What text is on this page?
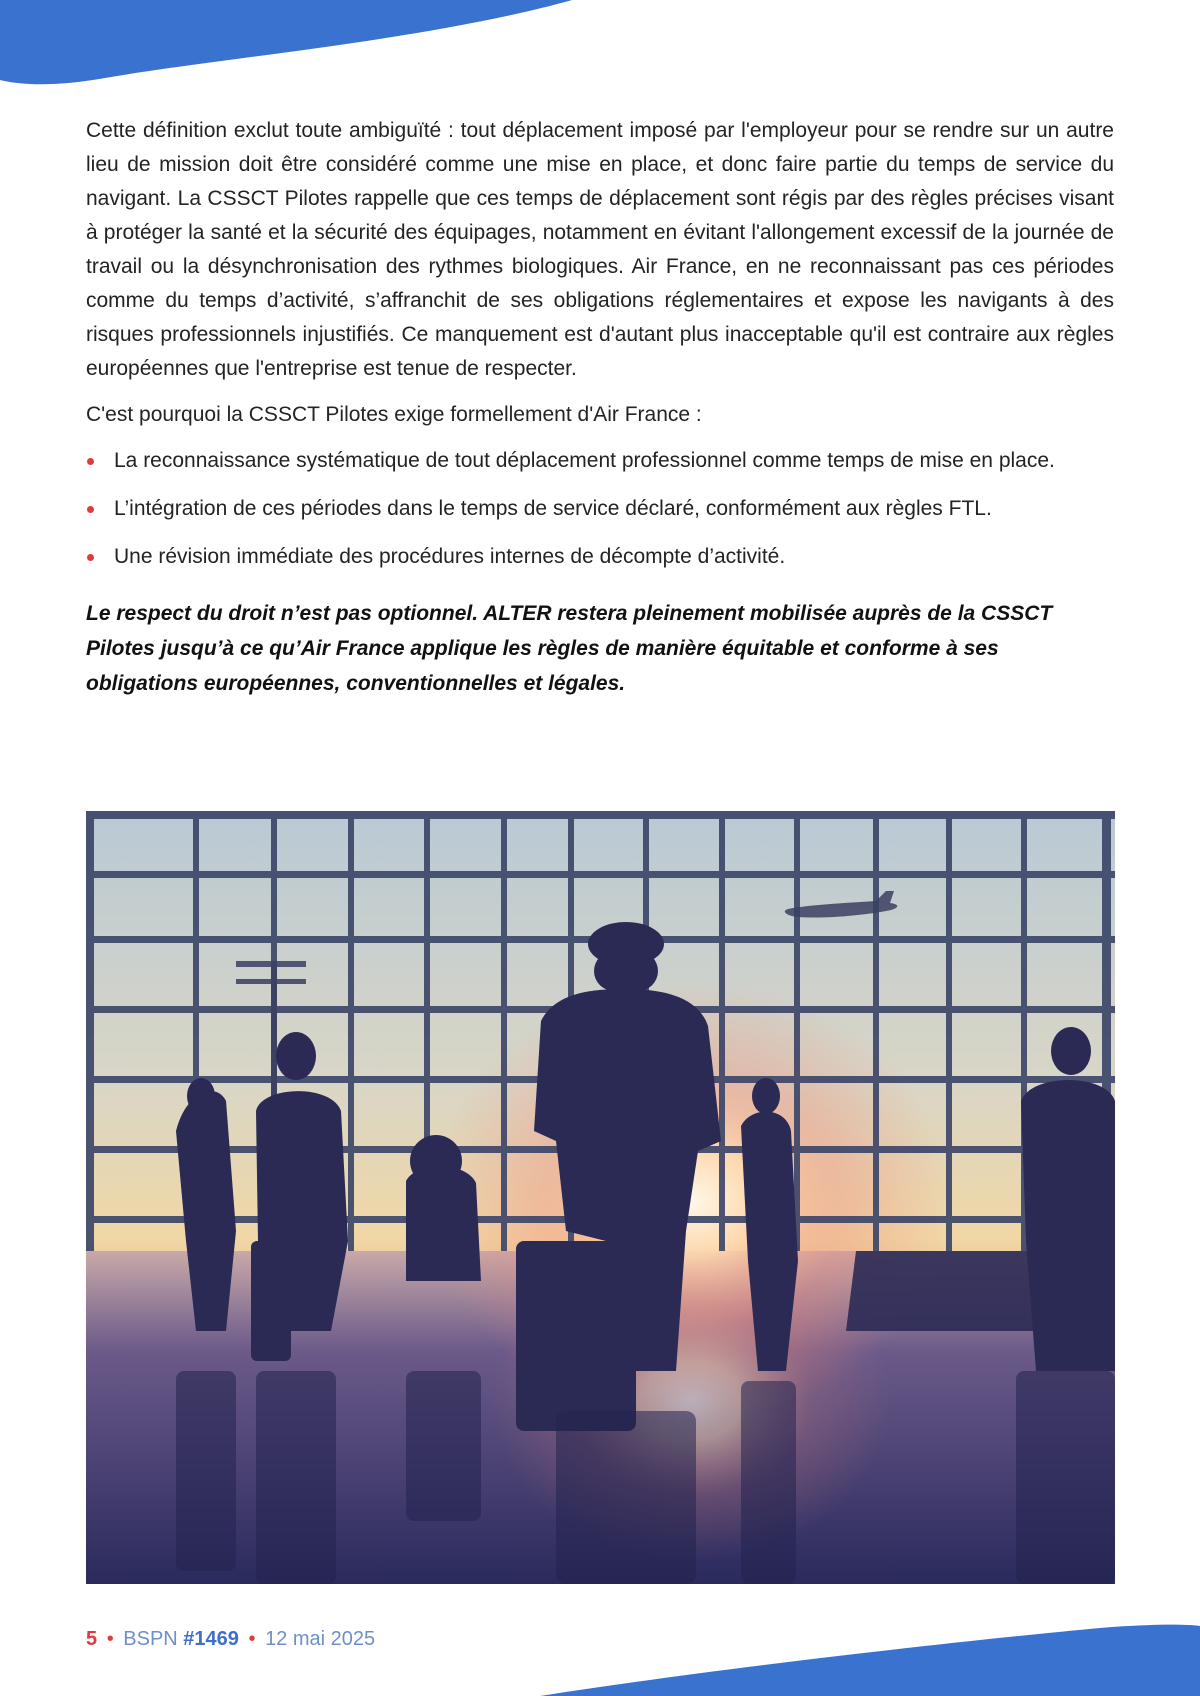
Cette définition exclut toute ambiguïté : tout déplacement imposé par l'employeur pour se rendre sur un autre lieu de mission doit être considéré comme une mise en place, et donc faire partie du temps de service du navigant. La CSSCT Pilotes rappelle que ces temps de déplacement sont régis par des règles précises visant à protéger la santé et la sécurité des équipages, notamment en évitant l'allongement excessif de la journée de travail ou la désynchronisation des rythmes biologiques. Air France, en ne reconnaissant pas ces périodes comme du temps d’activité, s’affranchit de ses obligations réglementaires et expose les navigants à des risques professionnels injustifiés. Ce manquement est d'autant plus inacceptable qu'il est contraire aux règles européennes que l'entreprise est tenue de respecter.

C'est pourquoi la CSSCT Pilotes exige formellement d'Air France :

La reconnaissance systématique de tout déplacement professionnel comme temps de mise en place.
L’intégration de ces périodes dans le temps de service déclaré, conformément aux règles FTL.
Une révision immédiate des procédures internes de décompte d’activité.

Le respect du droit n’est pas optionnel. ALTER restera pleinement mobilisée auprès de la CSSCT Pilotes jusqu’à ce qu’Air France applique les règles de manière équitable et conforme à ses obligations européennes, conventionnelles et légales.

5 • BSPN #1469 • 12 mai 2025
